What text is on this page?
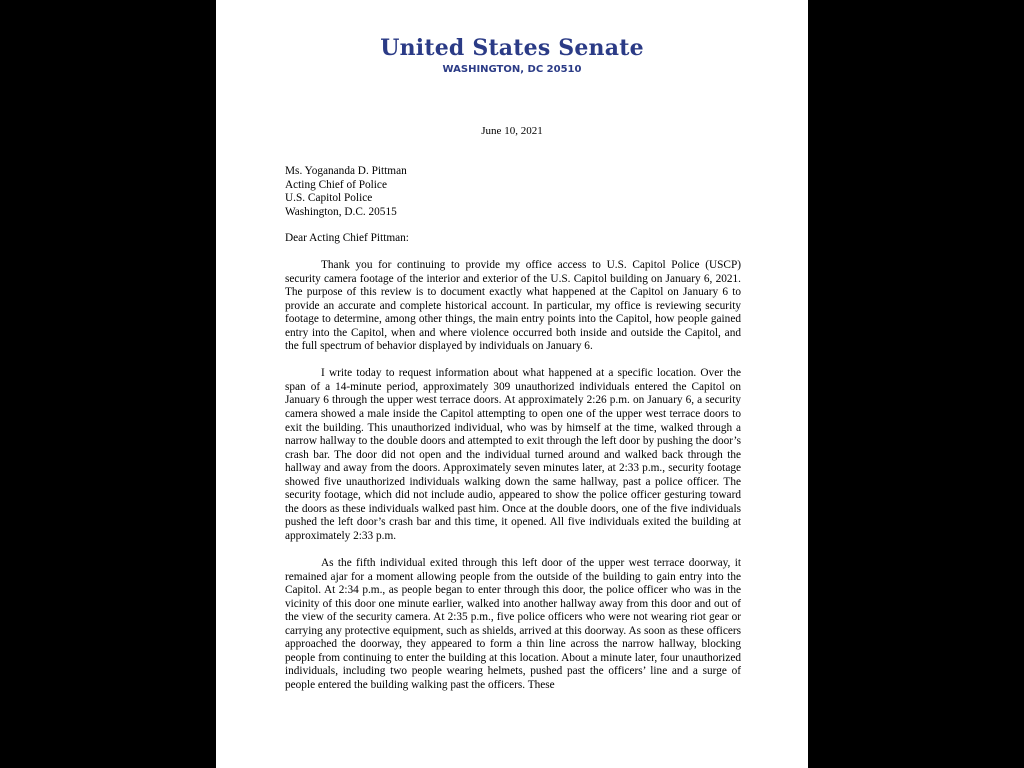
United States Senate
WASHINGTON, DC 20510
June 10, 2021
Ms. Yogananda D. Pittman
Acting Chief of Police
U.S. Capitol Police
Washington, D.C. 20515
Dear Acting Chief Pittman:

Thank you for continuing to provide my office access to U.S. Capitol Police (USCP) security camera footage of the interior and exterior of the U.S. Capitol building on January 6, 2021. The purpose of this review is to document exactly what happened at the Capitol on January 6 to provide an accurate and complete historical account. In particular, my office is reviewing security footage to determine, among other things, the main entry points into the Capitol, how people gained entry into the Capitol, when and where violence occurred both inside and outside the Capitol, and the full spectrum of behavior displayed by individuals on January 6.

I write today to request information about what happened at a specific location. Over the span of a 14-minute period, approximately 309 unauthorized individuals entered the Capitol on January 6 through the upper west terrace doors. At approximately 2:26 p.m. on January 6, a security camera showed a male inside the Capitol attempting to open one of the upper west terrace doors to exit the building. This unauthorized individual, who was by himself at the time, walked through a narrow hallway to the double doors and attempted to exit through the left door by pushing the door’s crash bar. The door did not open and the individual turned around and walked back through the hallway and away from the doors. Approximately seven minutes later, at 2:33 p.m., security footage showed five unauthorized individuals walking down the same hallway, past a police officer. The security footage, which did not include audio, appeared to show the police officer gesturing toward the doors as these individuals walked past him. Once at the double doors, one of the five individuals pushed the left door’s crash bar and this time, it opened. All five individuals exited the building at approximately 2:33 p.m.

As the fifth individual exited through this left door of the upper west terrace doorway, it remained ajar for a moment allowing people from the outside of the building to gain entry into the Capitol. At 2:34 p.m., as people began to enter through this door, the police officer who was in the vicinity of this door one minute earlier, walked into another hallway away from this door and out of the view of the security camera. At 2:35 p.m., five police officers who were not wearing riot gear or carrying any protective equipment, such as shields, arrived at this doorway. As soon as these officers approached the doorway, they appeared to form a thin line across the narrow hallway, blocking people from continuing to enter the building at this location. About a minute later, four unauthorized individuals, including two people wearing helmets, pushed past the officers’ line and a surge of people entered the building walking past the officers. These
